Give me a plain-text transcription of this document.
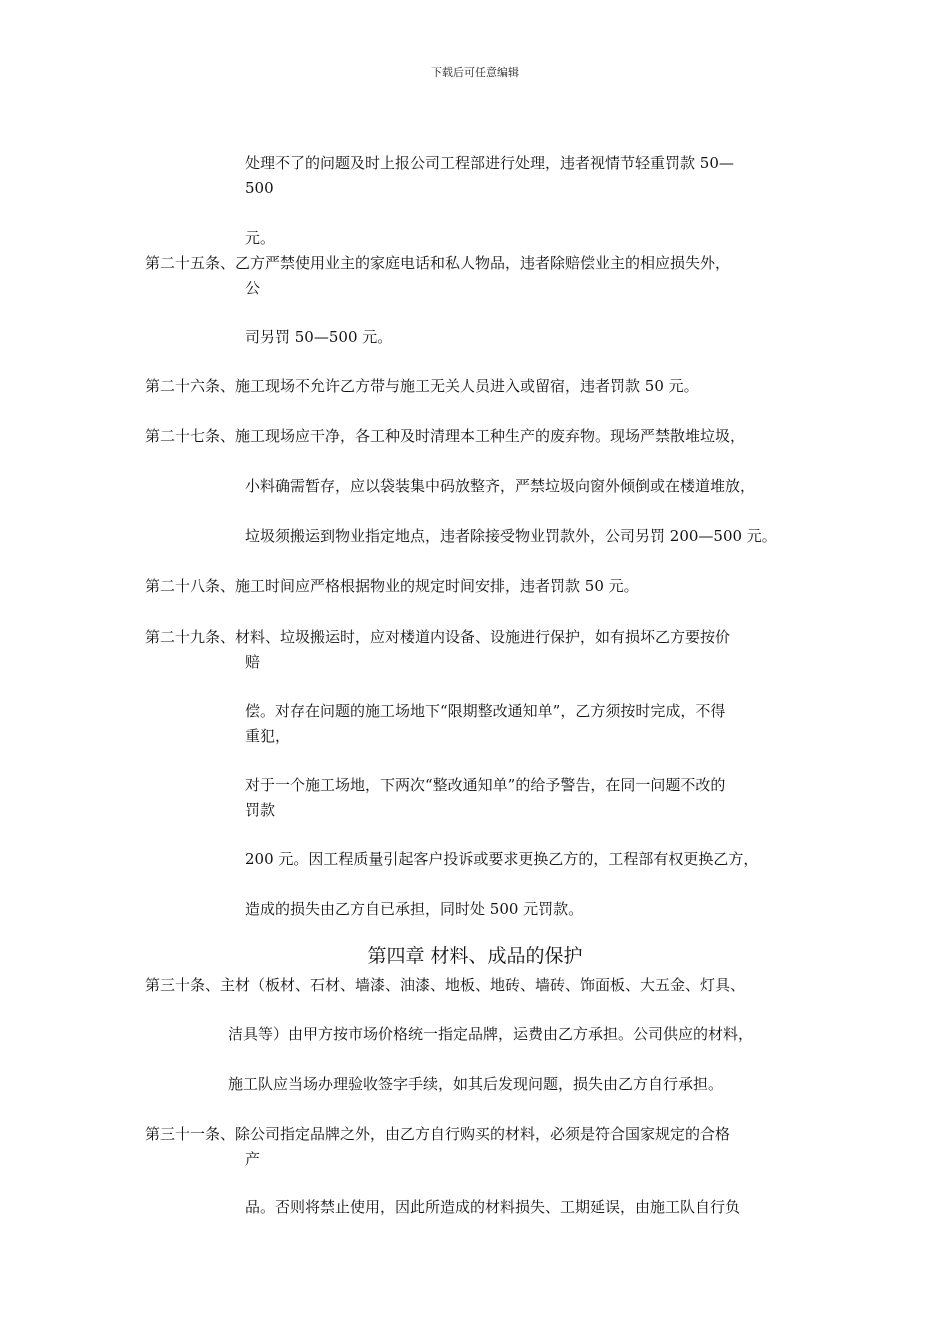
下载后可任意编辑
处理不了的问题及时上报公司工程部进行处理，违者视情节轻重罚款 50—
500
元。
第二十五条、乙方严禁使用业主的家庭电话和私人物品，违者除赔偿业主的相应损失外，
公
司另罚 50—500 元。
第二十六条、施工现场不允许乙方带与施工无关人员进入或留宿，违者罚款 50 元。
第二十七条、施工现场应干净，各工种及时清理本工种生产的废弃物。现场严禁散堆垃圾，
小料确需暂存，应以袋装集中码放整齐，严禁垃圾向窗外倾倒或在楼道堆放，
垃圾须搬运到物业指定地点，违者除接受物业罚款外，公司另罚 200—500 元。
第二十八条、施工时间应严格根据物业的规定时间安排，违者罚款 50 元。
第二十九条、材料、垃圾搬运时，应对楼道内设备、设施进行保护，如有损坏乙方要按价
赔
偿。对存在问题的施工场地下“限期整改通知单”，乙方须按时完成，不得
重犯，
对于一个施工场地，下两次“整改通知单”的给予警告，在同一问题不改的
罚款
200 元。因工程质量引起客户投诉或要求更换乙方的，工程部有权更换乙方，
造成的损失由乙方自已承担，同时处 500 元罚款。
第四章 材料、成品的保护
第三十条、主材（板材、石材、墙漆、油漆、地板、地砖、墙砖、饰面板、大五金、灯具、
洁具等）由甲方按市场价格统一指定品牌，运费由乙方承担。公司供应的材料，
施工队应当场办理验收签字手续，如其后发现问题，损失由乙方自行承担。
第三十一条、除公司指定品牌之外，由乙方自行购买的材料，必须是符合国家规定的合格
产
品。否则将禁止使用，因此所造成的材料损失、工期延误，由施工队自行负
